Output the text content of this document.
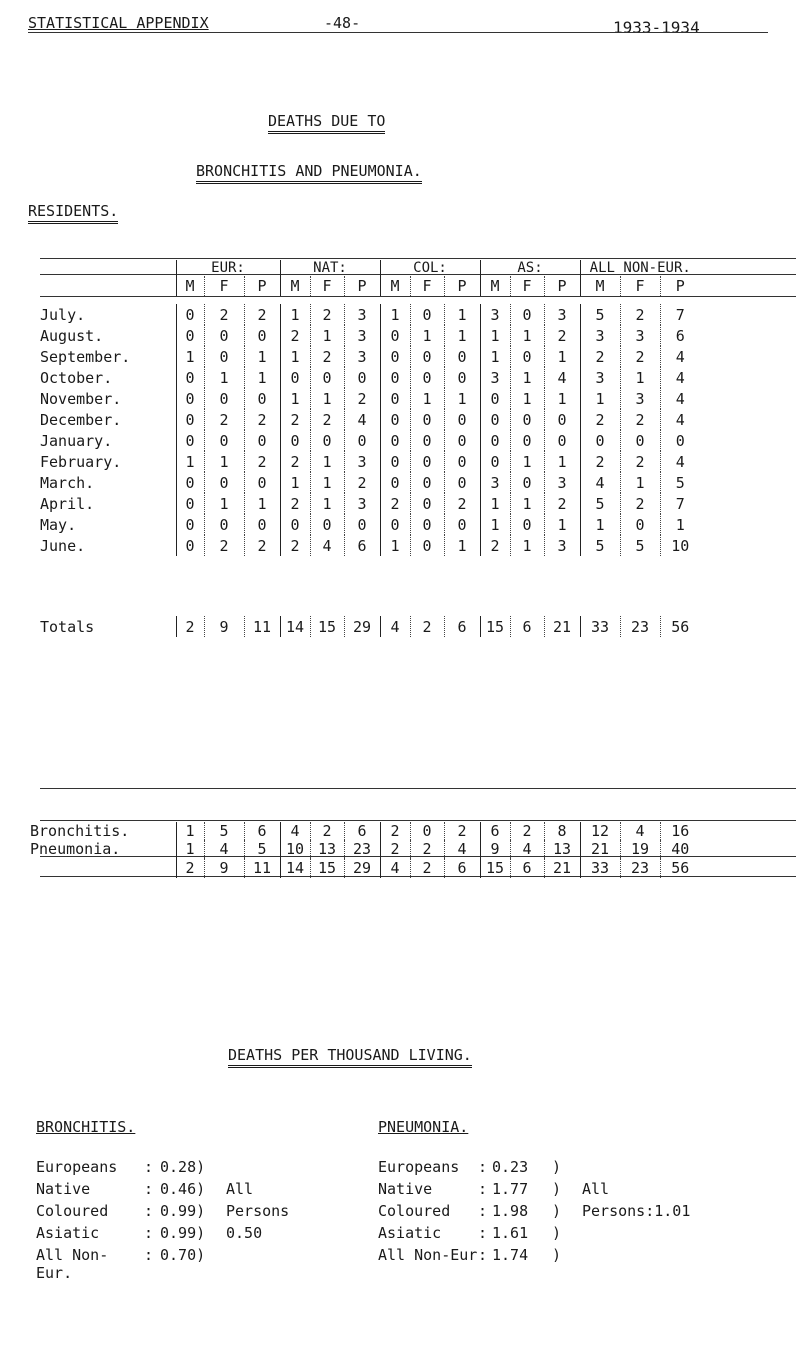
STATISTICAL APPENDIX	-48-	1933-1934
DEATHS DUE TO
BRONCHITIS AND PNEUMONIA.
RESIDENTS.
	EUR:			NAT:			COL:			AS:			ALL NON-EUR.		
	M	F	P	M	F	P	M	F	P	M	F	P	M	F	P

July.	0	2	2	1	2	3	1	0	1	3	0	3	5	2	7
August.	0	0	0	2	1	3	0	1	1	1	1	2	3	3	6
September.	1	0	1	1	2	3	0	0	0	1	0	1	2	2	4
October.	0	1	1	0	0	0	0	0	0	3	1	4	3	1	4
November.	0	0	0	1	1	2	0	1	1	0	1	1	1	3	4
December.	0	2	2	2	2	4	0	0	0	0	0	0	2	2	4
January.	0	0	0	0	0	0	0	0	0	0	0	0	0	0	0
February.	1	1	2	2	1	3	0	0	0	0	1	1	2	2	4
March.	0	0	0	1	1	2	0	0	0	3	0	3	4	1	5
April.	0	1	1	2	1	3	2	0	2	1	1	2	5	2	7
May.	0	0	0	0	0	0	0	0	0	1	0	1	1	0	1
June.	0	2	2	2	4	6	1	0	1	2	1	3	5	5	10

Totals	2	9	11	14	15	29	4	2	6	15	6	21	33	23	56
Bronchitis.	1	5	6	4	2	6	2	0	2	6	2	8	12	4	16
Pneumonia.	1	4	5	10	13	23	2	2	4	9	4	13	21	19	40
	2	9	11	14	15	29	4	2	6	15	6	21	33	23	56
DEATHS PER THOUSAND LIVING.
BRONCHITIS.	PNEUMONIA.
Europeans	:	0.28)	
Native	:	0.46)	All
Coloured	:	0.99)	Persons
Asiatic	:	0.99)	0.50
All Non-Eur.	:	0.70)	
Europeans	:	0.23	)	
Native	:	1.77	)	All
Coloured	:	1.98	)	Persons:1.01
Asiatic	:	1.61	)	
All Non-Eur	:	1.74	)	
